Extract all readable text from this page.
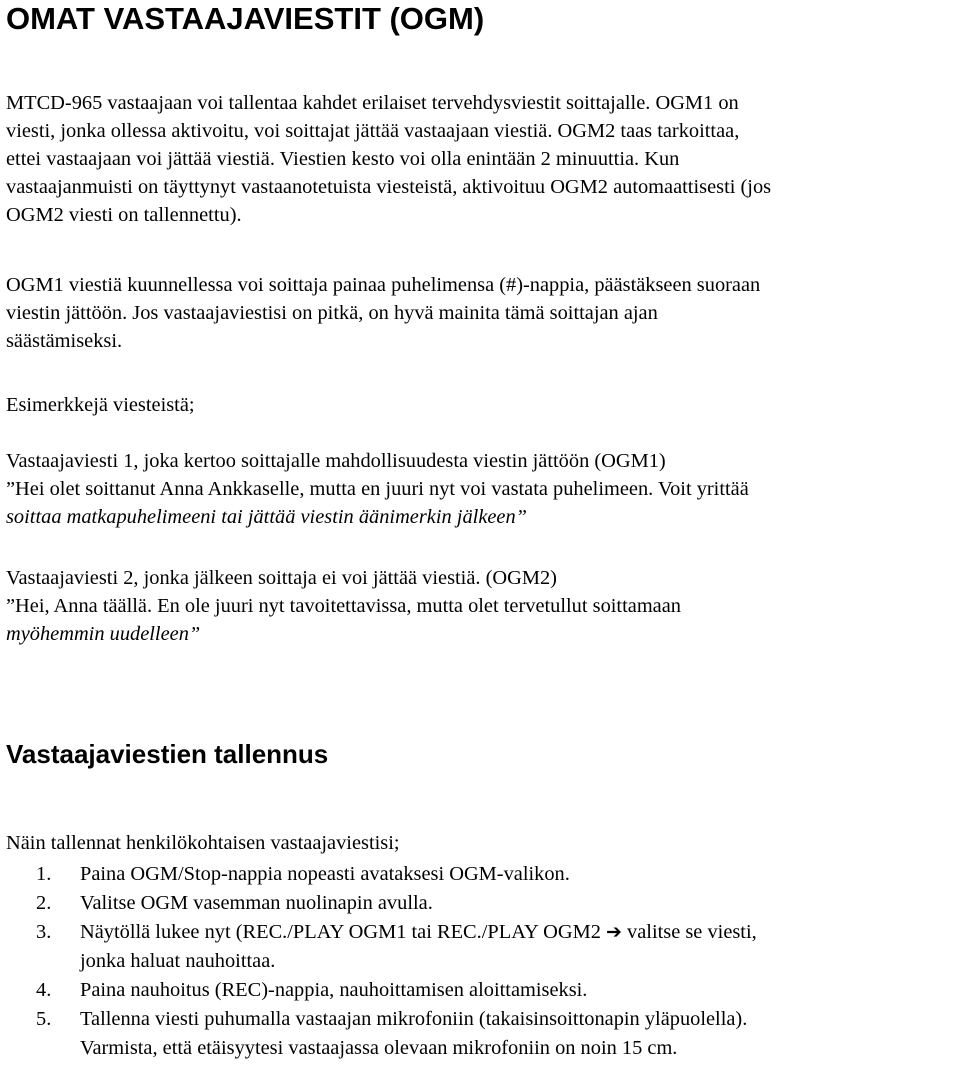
OMAT VASTAAJAVIESTIT (OGM)
MTCD-965 vastaajaan voi tallentaa kahdet erilaiset tervehdysviestit soittajalle. OGM1 on
viesti, jonka ollessa aktivoitu, voi soittajat jättää vastaajaan viestiä. OGM2 taas tarkoittaa,
ettei vastaajaan voi jättää viestiä. Viestien kesto voi olla enintään 2 minuuttia. Kun
vastaajanmuisti on täyttynyt vastaanotetuista viesteistä, aktivoituu OGM2 automaattisesti (jos
OGM2 viesti on tallennettu).
OGM1 viestiä kuunnellessa voi soittaja painaa puhelimensa (#)-nappia, päästäkseen suoraan
viestin jättöön. Jos vastaajaviestisi on pitkä, on hyvä mainita tämä soittajan ajan
säästämiseksi.
Esimerkkejä viesteistä;
Vastaajaviesti 1, joka kertoo soittajalle mahdollisuudesta viestin jättöön (OGM1)
”Hei olet soittanut Anna Ankkaselle, mutta en juuri nyt voi vastata puhelimeen. Voit yrittää
soittaa matkapuhelimeeni tai jättää viestin äänimerkin jälkeen”
Vastaajaviesti 2, jonka jälkeen soittaja ei voi jättää viestiä. (OGM2)
”Hei, Anna täällä. En ole juuri nyt tavoitettavissa, mutta olet tervetullut soittamaan
myöhemmin uudelleen”
Vastaajaviestien tallennus
Näin tallennat henkilökohtaisen vastaajaviestisi;
1. Paina OGM/Stop-nappia nopeasti avataksesi OGM-valikon.
2. Valitse OGM vasemman nuolinapin avulla.
3. Näytöllä lukee nyt (REC./PLAY OGM1 tai REC./PLAY OGM2 ➔ valitse se viesti,
jonka haluat nauhoittaa.
4. Paina nauhoitus (REC)-nappia, nauhoittamisen aloittamiseksi.
5. Tallenna viesti puhumalla vastaajan mikrofoniin (takaisinsoittonapin yläpuolella).
Varmista, että etäisyytesi vastaajassa olevaan mikrofoniin on noin 15 cm.
